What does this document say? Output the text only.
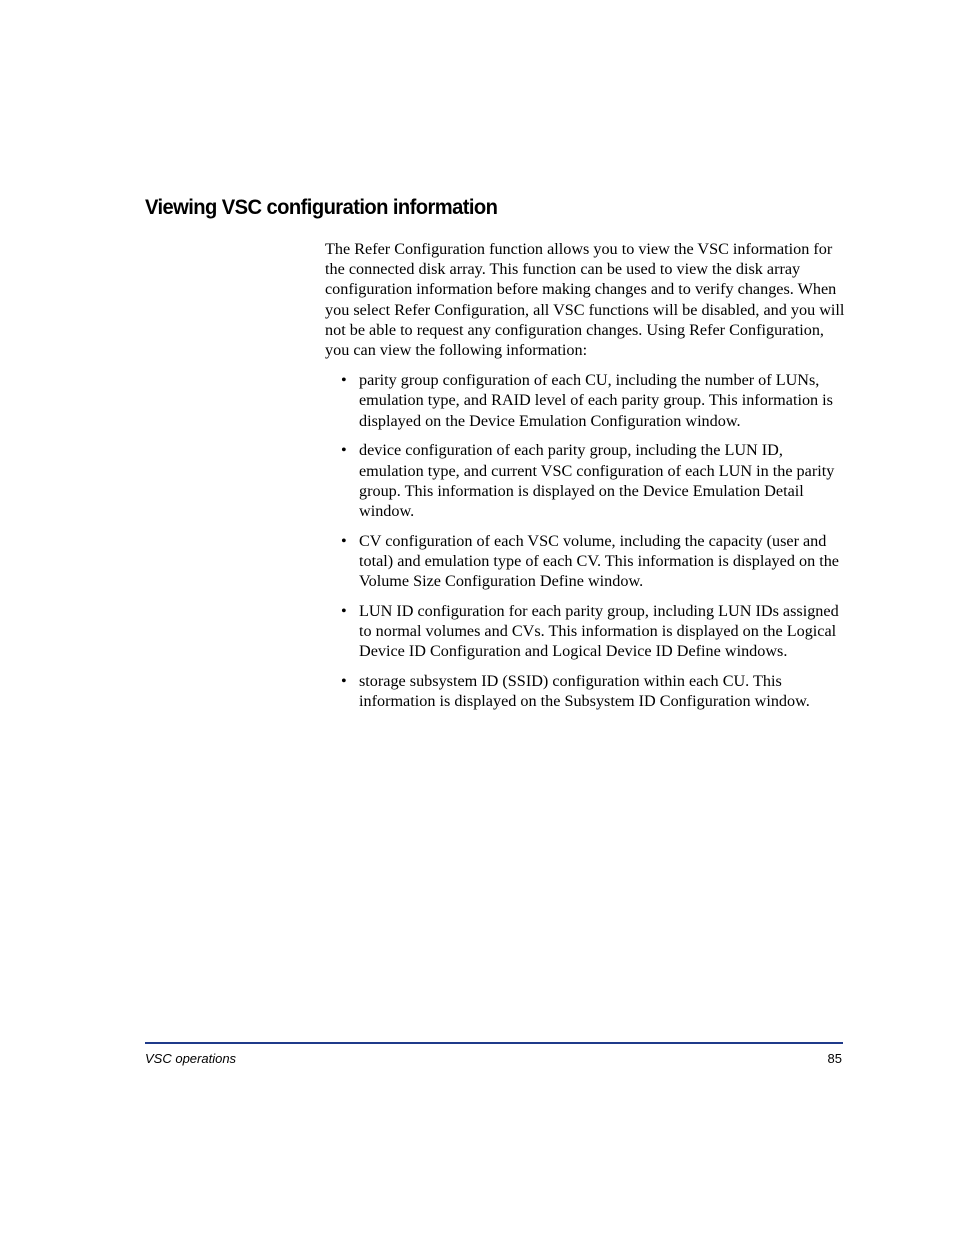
Viewing VSC configuration information

The Refer Configuration function allows you to view the VSC information for the connected disk array. This function can be used to view the disk array configuration information before making changes and to verify changes. When you select Refer Configuration, all VSC functions will be disabled, and you will not be able to request any configuration changes. Using Refer Configuration, you can view the following information:

• parity group configuration of each CU, including the number of LUNs, emulation type, and RAID level of each parity group. This information is displayed on the Device Emulation Configuration window.
• device configuration of each parity group, including the LUN ID, emulation type, and current VSC configuration of each LUN in the parity group. This information is displayed on the Device Emulation Detail window.
• CV configuration of each VSC volume, including the capacity (user and total) and emulation type of each CV. This information is displayed on the Volume Size Configuration Define window.
• LUN ID configuration for each parity group, including LUN IDs assigned to normal volumes and CVs. This information is displayed on the Logical Device ID Configuration and Logical Device ID Define windows.
• storage subsystem ID (SSID) configuration within each CU. This information is displayed on the Subsystem ID Configuration window.
VSC operations	85
